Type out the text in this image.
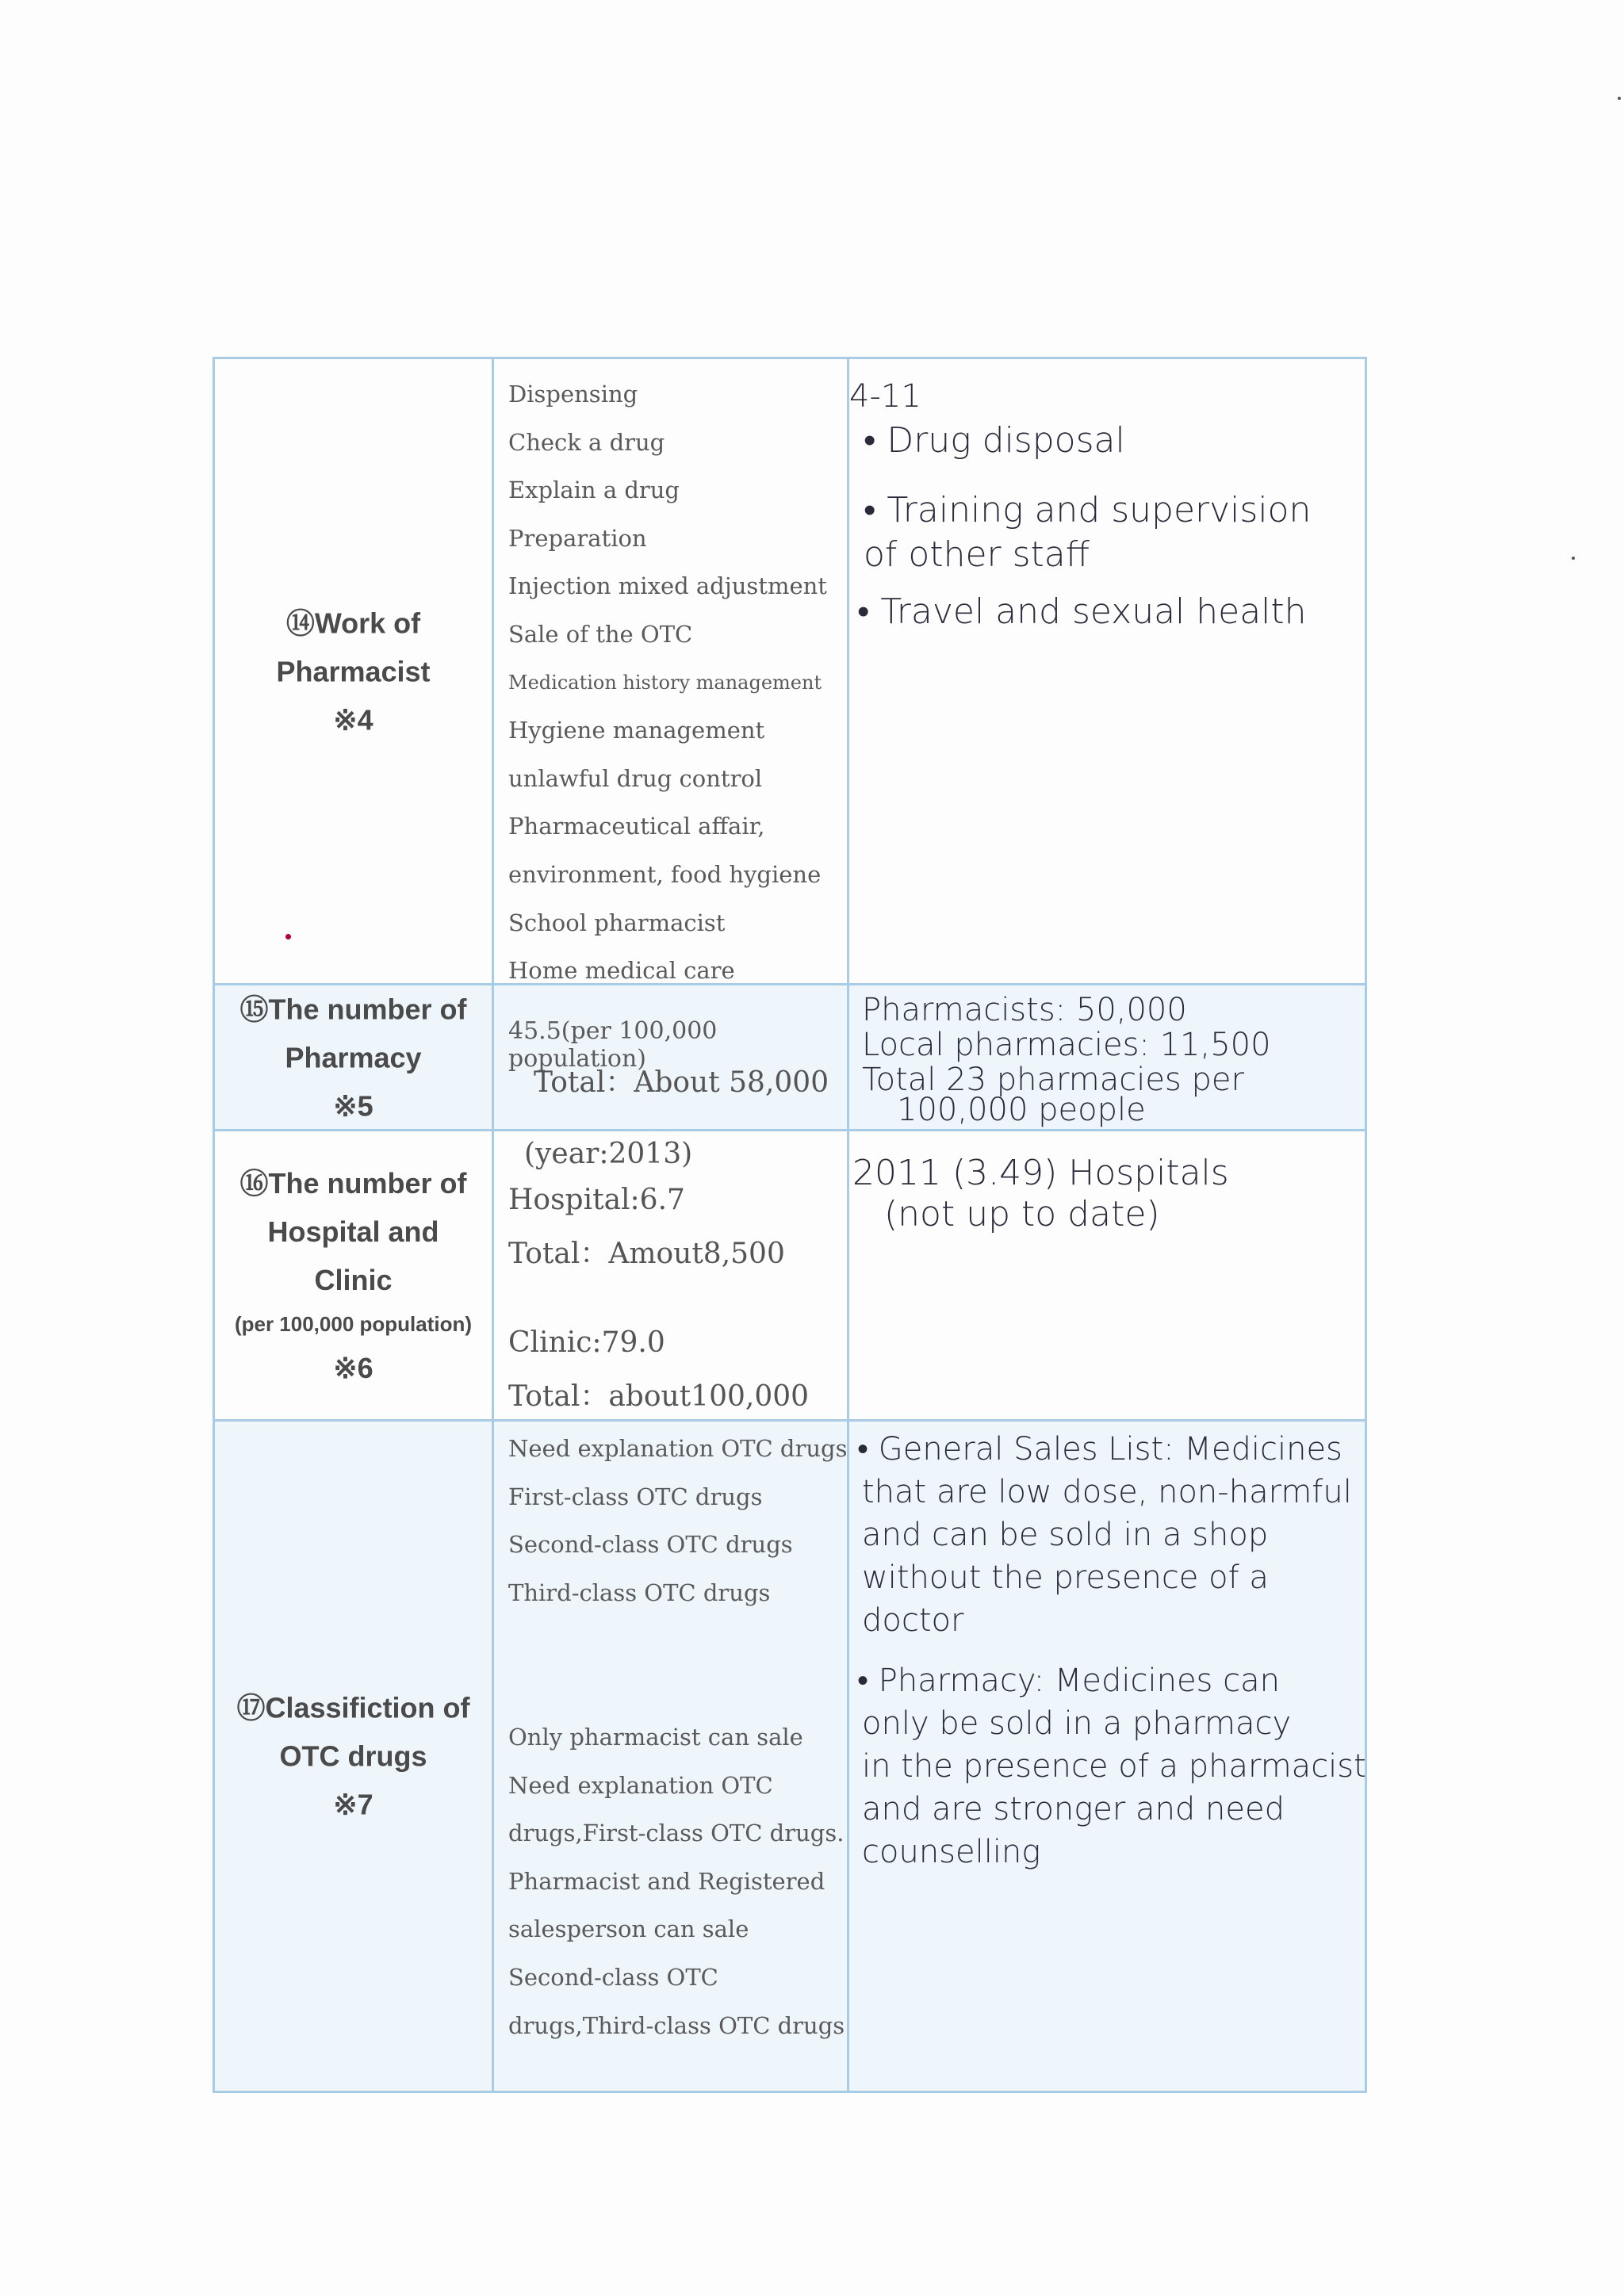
⑭Work of
Pharmacist
※4
Dispensing
Check a drug
Explain a drug
Preparation
Injection mixed adjustment
Sale of the OTC
Medication history management
Hygiene management
unlawful drug control
Pharmaceutical affair,
environment, food hygiene
School pharmacist
Home medical care
4-11
• Drug disposal
• Training and supervision
of other staff
• Travel and sexual health
⑮The number of
Pharmacy
※5
45.5(per 100,000 population)
Total：About 58,000
Pharmacists: 50,000
Local pharmacies: 11,500
Total 23 pharmacies per
100,000 people
⑯The number of
Hospital and
Clinic
(per 100,000 population)
※6
(year:2013)
Hospital:6.7
Total：Amout8,500
Clinic:79.0
Total：about100,000
2011 (3.49) Hospitals
(not up to date)
⑰Classifiction of
OTC drugs
※7
Need explanation OTC drugs
First-class OTC drugs
Second-class OTC drugs
Third-class OTC drugs
Only pharmacist can sale
Need explanation OTC
drugs,First-class OTC drugs.
Pharmacist and Registered
salesperson can sale
Second-class OTC
drugs,Third-class OTC drugs
• General Sales List: Medicines
that are low dose, non-harmful
and can be sold in a shop
without the presence of a
doctor
• Pharmacy: Medicines can
only be sold in a pharmacy
in the presence of a pharmacist
and are stronger and need
counselling
